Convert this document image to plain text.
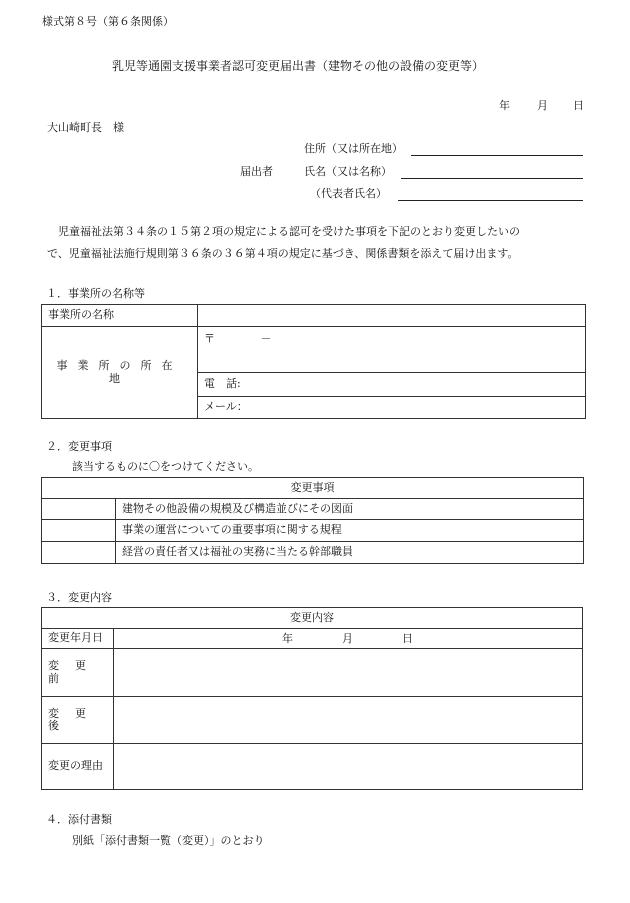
様式第８号（第６条関係）
乳児等通園支援事業者認可変更届出書（建物その他の設備の変更等）
年 月 日
大山崎町長　様
住所（又は所在地）
届出者	氏名（又は名称）
（代表者氏名）
児童福祉法第３４条の１５第２項の規定による認可を受けた事項を下記のとおり変更したいの
で、児童福祉法施行規則第３６条の３６第４項の規定に基づき、関係書類を添えて届け出ます。
１．事業所の名称等
事業所の名称	
事業所の所在地	〒 －
	電　話:
	メール：
２．変更事項
該当するものに〇をつけてください。
変更事項	
	建物その他設備の規模及び構造並びにその図面
	事業の運営についての重要事項に関する規程
	経営の責任者又は福祉の実務に当たる幹部職員
３．変更内容
変更内容	
変更年月日	年 月 日

変更前	
変更後	
変更の理由	
４．添付書類
別紙「添付書類一覧（変更）」のとおり
